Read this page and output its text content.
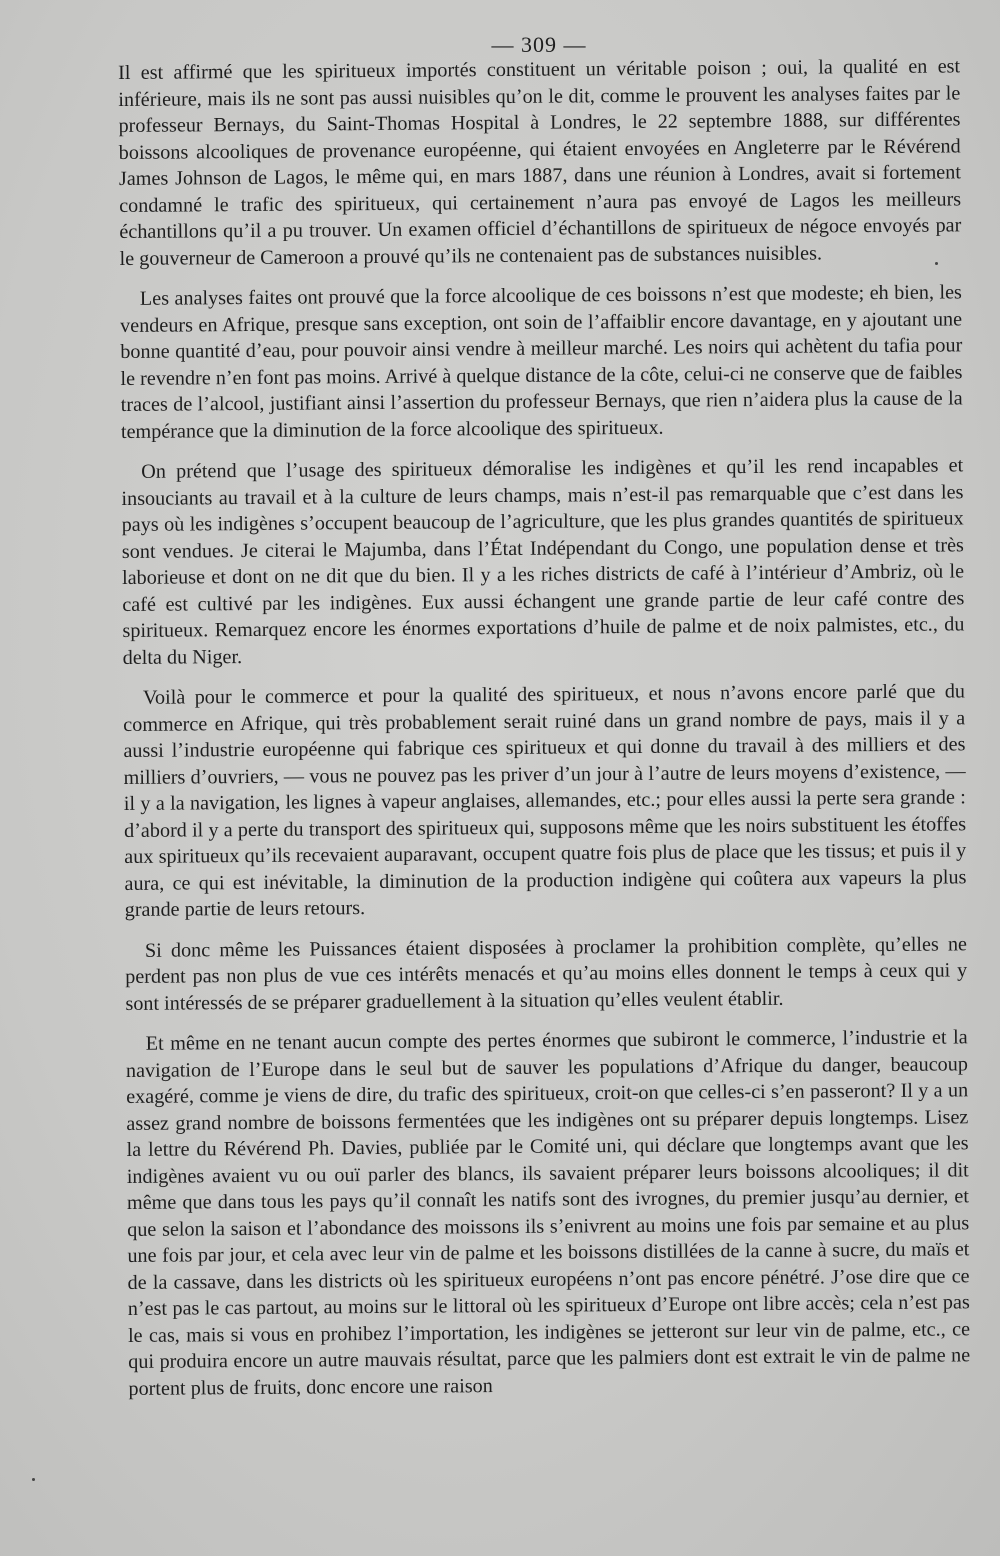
— 309 —

Il est affirmé que les spiritueux importés constituent un véritable poison ; oui, la qualité en est inférieure, mais ils ne sont pas aussi nuisibles qu’on le dit, comme le prouvent les analyses faites par le professeur Bernays, du Saint-Thomas Hospital à Londres, le 22 septembre 1888, sur différentes boissons alcooliques de provenance européenne, qui étaient envoyées en Angleterre par le Révérend James Johnson de Lagos, le même qui, en mars 1887, dans une réunion à Londres, avait si fortement condamné le trafic des spiritueux, qui certainement n’aura pas envoyé de Lagos les meilleurs échantillons qu’il a pu trouver. Un examen officiel d’échantillons de spiritueux de négoce envoyés par le gouverneur de Cameroon a prouvé qu’ils ne contenaient pas de substances nuisibles.

Les analyses faites ont prouvé que la force alcoolique de ces boissons n’est que modeste; eh bien, les vendeurs en Afrique, presque sans exception, ont soin de l’affaiblir encore davantage, en y ajoutant une bonne quantité d’eau, pour pouvoir ainsi vendre à meilleur marché. Les noirs qui achètent du tafia pour le revendre n’en font pas moins. Arrivé à quelque distance de la côte, celui-ci ne conserve que de faibles traces de l’alcool, justifiant ainsi l’assertion du professeur Bernays, que rien n’aidera plus la cause de la tempérance que la diminution de la force alcoolique des spiritueux.

On prétend que l’usage des spiritueux démoralise les indigènes et qu’il les rend incapables et insouciants au travail et à la culture de leurs champs, mais n’est-il pas remarquable que c’est dans les pays où les indigènes s’occupent beaucoup de l’agriculture, que les plus grandes quantités de spiritueux sont vendues. Je citerai le Majumba, dans l’État Indépendant du Congo, une population dense et très laborieuse et dont on ne dit que du bien. Il y a les riches districts de café à l’intérieur d’Ambriz, où le café est cultivé par les indigènes. Eux aussi échangent une grande partie de leur café contre des spiritueux. Remarquez encore les énormes exportations d’huile de palme et de noix palmistes, etc., du delta du Niger.

Voilà pour le commerce et pour la qualité des spiritueux, et nous n’avons encore parlé que du commerce en Afrique, qui très probablement serait ruiné dans un grand nombre de pays, mais il y a aussi l’industrie européenne qui fabrique ces spiritueux et qui donne du travail à des milliers et des milliers d’ouvriers, — vous ne pouvez pas les priver d’un jour à l’autre de leurs moyens d’existence, — il y a la navigation, les lignes à vapeur anglaises, allemandes, etc.; pour elles aussi la perte sera grande : d’abord il y a perte du transport des spiritueux qui, supposons même que les noirs substituent les étoffes aux spiritueux qu’ils recevaient auparavant, occupent quatre fois plus de place que les tissus; et puis il y aura, ce qui est inévitable, la diminution de la production indigène qui coûtera aux vapeurs la plus grande partie de leurs retours.

Si donc même les Puissances étaient disposées à proclamer la prohibition complète, qu’elles ne perdent pas non plus de vue ces intérêts menacés et qu’au moins elles donnent le temps à ceux qui y sont intéressés de se préparer graduellement à la situation qu’elles veulent établir.

Et même en ne tenant aucun compte des pertes énormes que subiront le commerce, l’industrie et la navigation de l’Europe dans le seul but de sauver les populations d’Afrique du danger, beaucoup exagéré, comme je viens de dire, du trafic des spiritueux, croit-on que celles-ci s’en passeront? Il y a un assez grand nombre de boissons fermentées que les indigènes ont su préparer depuis longtemps. Lisez la lettre du Révérend Ph. Davies, publiée par le Comité uni, qui déclare que longtemps avant que les indigènes avaient vu ou ouï parler des blancs, ils savaient préparer leurs boissons alcooliques; il dit même que dans tous les pays qu’il connaît les natifs sont des ivrognes, du premier jusqu’au dernier, et que selon la saison et l’abondance des moissons ils s’enivrent au moins une fois par semaine et au plus une fois par jour, et cela avec leur vin de palme et les boissons distillées de la canne à sucre, du maïs et de la cassave, dans les districts où les spiritueux européens n’ont pas encore pénétré. J’ose dire que ce n’est pas le cas partout, au moins sur le littoral où les spiritueux d’Europe ont libre accès; cela n’est pas le cas, mais si vous en prohibez l’importation, les indigènes se jetteront sur leur vin de palme, etc., ce qui produira encore un autre mauvais résultat, parce que les palmiers dont est extrait le vin de palme ne portent plus de fruits, donc encore une raison
